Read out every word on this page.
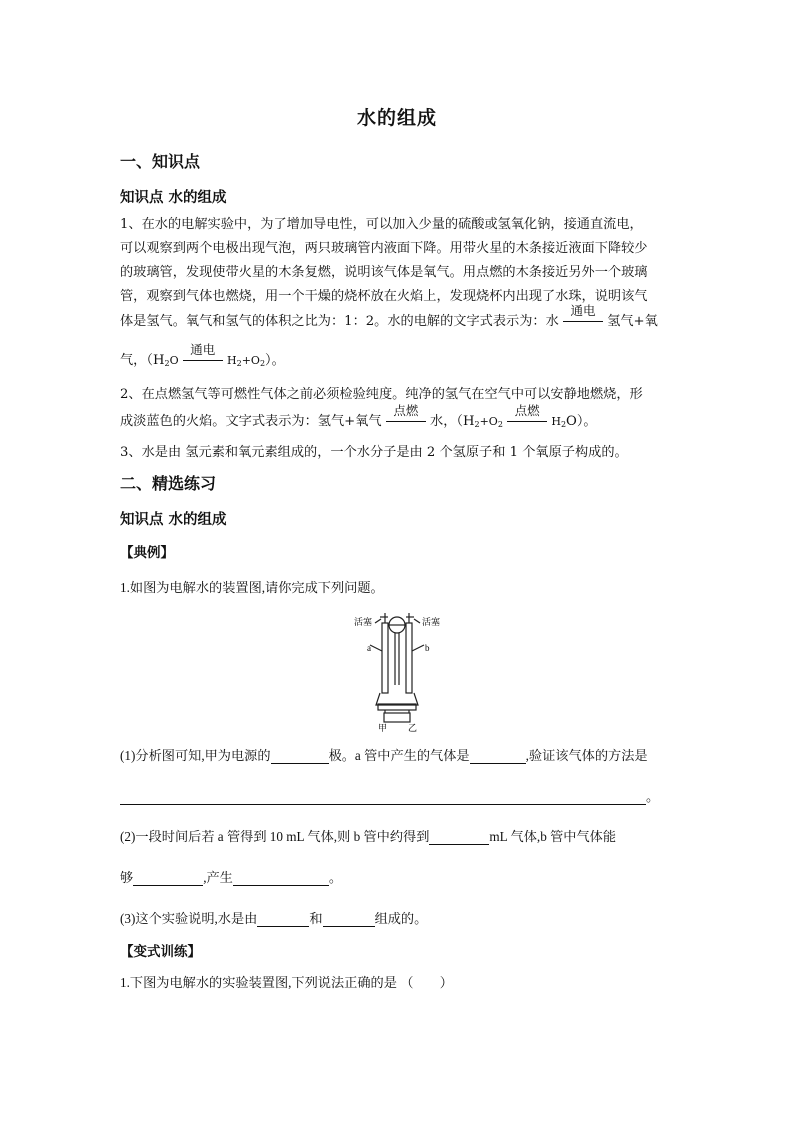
水的组成
一、知识点
知识点 水的组成
1、在水的电解实验中，为了增加导电性，可以加入少量的硫酸或氢氧化钠，接通直流电，
可以观察到两个电极出现气泡，两只玻璃管内液面下降。用带火星的木条接近液面下降较少
的玻璃管，发现使带火星的木条复燃，说明该气体是氧气。用点燃的木条接近另外一个玻璃
管，观察到气体也燃烧，用一个干燥的烧杯放在火焰上，发现烧杯内出现了水珠，说明该气
体是氢气。氧气和氢气的体积之比为：1：2。水的电解的文字式表示为：水
通电
氢气+氧
气，（$H_2O$
通电
$H_2+O_2$）。
2、在点燃氢气等可燃性气体之前必须检验纯度。纯净的氢气在空气中可以安静地燃烧，形
成淡蓝色的火焰。文字式表示为：氢气+氧气
点燃
水，（$H_2+O_2$
点燃
$H_2O$）。
3、水是由 氢元素和氧元素组成的，一个水分子是由 2 个氢原子和 1 个氧原子构成的。
二、精选练习
知识点 水的组成
【典例】
1.如图为电解水的装置图,请你完成下列问题。
活塞	活塞
a	b
甲 乙
(1)分析图可知,甲为电源的	极。a 管中产生的气体是	,验证该气体的方法是
。
(2)一段时间后若 a 管得到 10 mL 气体,则 b 管中约得到	mL 气体,b 管中气体能
够	,产生	。
(3)这个实验说明,水是由	和	组成的。
【变式训练】
1.下图为电解水的实验装置图,下列说法正确的是 （　　）
